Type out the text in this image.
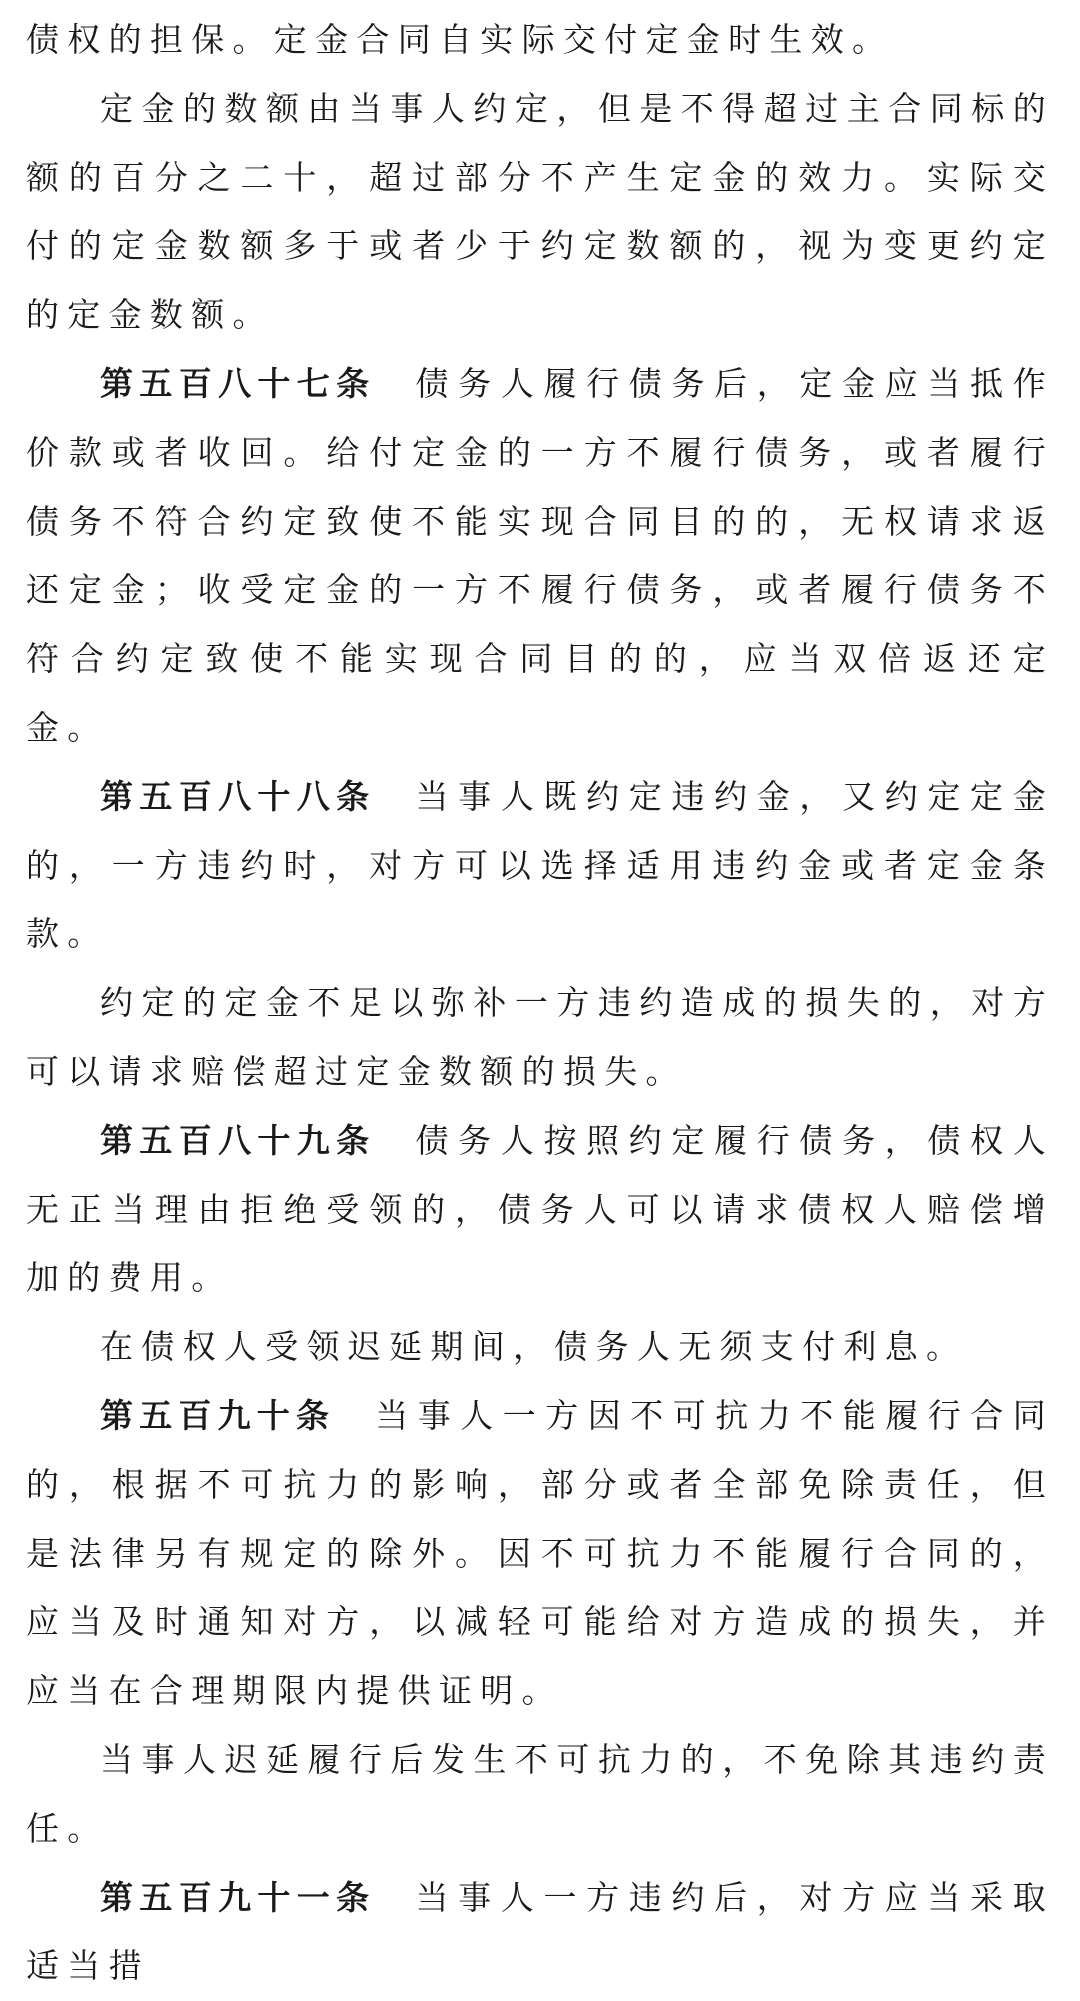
债权的担保。定金合同自实际交付定金时生效。

定金的数额由当事人约定，但是不得超过主合同标的额的百分之二十，超过部分不产生定金的效力。实际交付的定金数额多于或者少于约定数额的，视为变更约定的定金数额。

第五百八十七条 债务人履行债务后，定金应当抵作价款或者收回。给付定金的一方不履行债务，或者履行债务不符合约定致使不能实现合同目的的，无权请求返还定金；收受定金的一方不履行债务，或者履行债务不符合约定致使不能实现合同目的的，应当双倍返还定金。

第五百八十八条 当事人既约定违约金，又约定定金的，一方违约时，对方可以选择适用违约金或者定金条款。

约定的定金不足以弥补一方违约造成的损失的，对方可以请求赔偿超过定金数额的损失。

第五百八十九条 债务人按照约定履行债务，债权人无正当理由拒绝受领的，债务人可以请求债权人赔偿增加的费用。

在债权人受领迟延期间，债务人无须支付利息。

第五百九十条 当事人一方因不可抗力不能履行合同的，根据不可抗力的影响，部分或者全部免除责任，但是法律另有规定的除外。因不可抗力不能履行合同的，应当及时通知对方，以减轻可能给对方造成的损失，并应当在合理期限内提供证明。

当事人迟延履行后发生不可抗力的，不免除其违约责任。

第五百九十一条 当事人一方违约后，对方应当采取适当措
